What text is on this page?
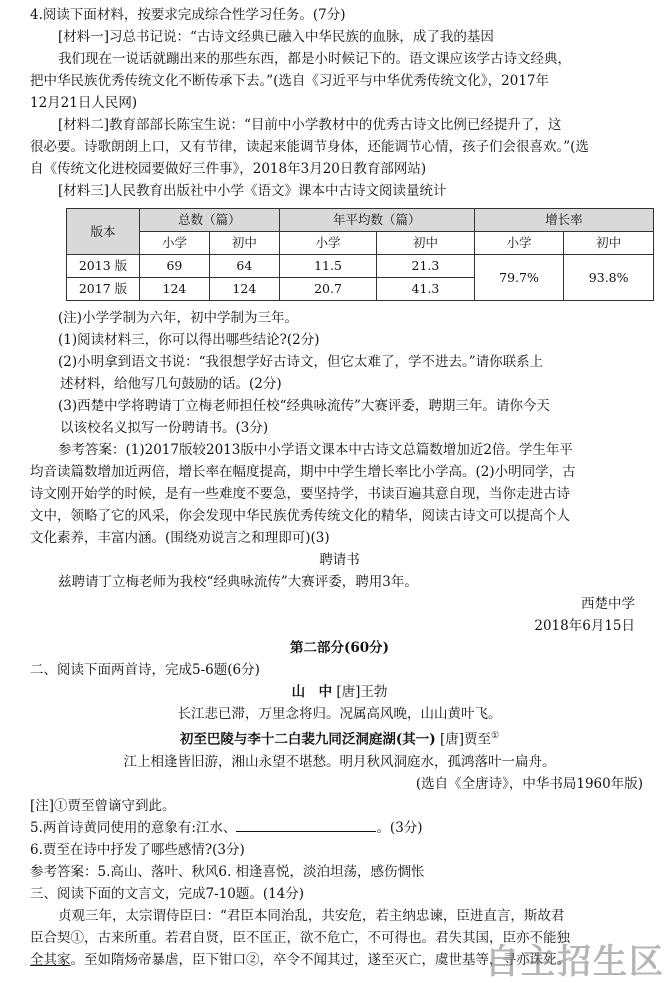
4.阅读下面材料，按要求完成综合性学习任务。(7分)

[材料一]习总书记说：“古诗文经典已融入中华民族的血脉，成了我的基因

我们现在一说话就蹦出来的那些东西，都是小时候记下的。语文课应该学古诗文经典，

把中华民族优秀传统文化不断传承下去。”(选自《习近平与中华优秀传统文化》，2017年

12月21日人民网)

[材料二]教育部部长陈宝生说：“目前中小学教材中的优秀古诗文比例已经提升了，这

很必要。诗歌朗朗上口，又有节律，读起来能调节身体，还能调节心情，孩子们会很喜欢。”(选

自《传统文化进校园要做好三件事》，2018年3月20日教育部网站)

[材料三]人民教育出版社中小学《语文》课本中古诗文阅读量统计

版本	总数（篇）		年平均数（篇）		增长率	
	小学	初中	小学	初中	小学	初中
2013 版	69	64	11.5	21.3	79.7%	93.8%
2017 版	124	124	20.7	41.3		

(注)小学学制为六年，初中学制为三年。

(1)阅读材料三，你可以得出哪些结论?(2分)

(2)小明拿到语文书说：“我很想学好古诗文，但它太难了，学不进去。”请你联系上

述材料，给他写几句鼓励的话。(2分)

(3)西楚中学将聘请丁立梅老师担任校“经典咏流传”大赛评委，聘期三年。请你今天

以该校名义拟写一份聘请书。(3分)

参考答案：(1)2017版较2013版中小学语文课本中古诗文总篇数增加近2倍。学生年平

均音读篇数增加近两倍，增长率在幅度提高，期中中学生增长率比小学高。(2)小明同学，古

诗文刚开始学的时候，是有一些难度不要急，要坚持学，书读百遍其意自现，当你走进古诗

文中，领略了它的风采，你会发现中华民族优秀传统文化的精华，阅读古诗文可以提高个人

文化素养，丰富内涵。(围绕劝说言之和理即可)(3)

聘请书

兹聘请丁立梅老师为我校“经典咏流传”大赛评委，聘用3年。

西楚中学

2018年6月15日

第二部分(60分)

二、阅读下面两首诗，完成5-6题(6分)

山　中 [唐]王勃

长江悲已滞，万里念将归。况属高风晚，山山黄叶飞。

初至巴陵与李十二白裴九同泛洞庭湖(其一) [唐]贾至①

江上相逢皆旧游，湘山永望不堪愁。明月秋风洞庭水，孤鸿落叶一扁舟。

(选自《全唐诗》，中华书局1960年版)

[注]①贾至曾谪守到此。

5.两首诗黄同使用的意象有:江水、	。(3分)

6.贾至在诗中抒发了哪些感情?(3分)

参考答案：5.高山、落叶、秋风6. 相逢喜悦，淡泊坦荡，感伤惆怅

三、阅读下面的文言文，完成7-10题。(14分)

贞观三年，太宗谓侍臣曰：“君臣本同治乱，共安危，若主纳忠谏，臣进直言，斯故君

臣合契①，古来所重。若君自贤，臣不匡正，欲不危亡，不可得也。君失其国，臣亦不能独

全其家。至如隋炀帝暴虐，臣下钳口②，卒令不闻其过，遂至灭亡，虞世基等，寻亦诛死。

自主招生区
